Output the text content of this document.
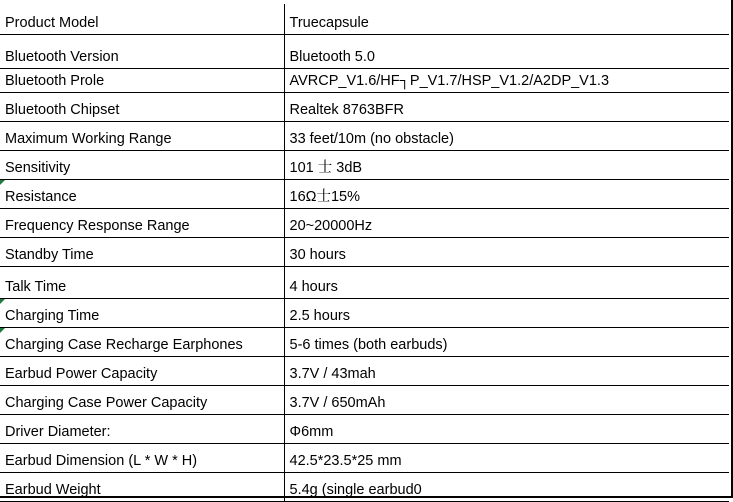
Product Model	Truecapsule
Bluetooth Version	Bluetooth 5.0
Bluetooth Prole	AVRCP_V1.6/HF┐P_V1.7/HSP_V1.2/A2DP_V1.3
Bluetooth Chipset	Realtek 8763BFR
Maximum Working Range	33 feet/10m (no obstacle)
Sensitivity	101 士 3dB

Resistance	16Ω士15%
Frequency Response Range	20~20000Hz
Standby Time	30 hours
Talk Time	4 hours

Charging Time	2.5 hours

Charging Case Recharge Earphones	5-6 times (both earbuds)
Earbud Power Capacity	3.7V / 43mah
Charging Case Power Capacity	3.7V / 650mAh
Driver Diameter:	Φ6mm
Earbud Dimension (L * W * H)	42.5*23.5*25 mm
Earbud Weight	5.4g (single earbud0
